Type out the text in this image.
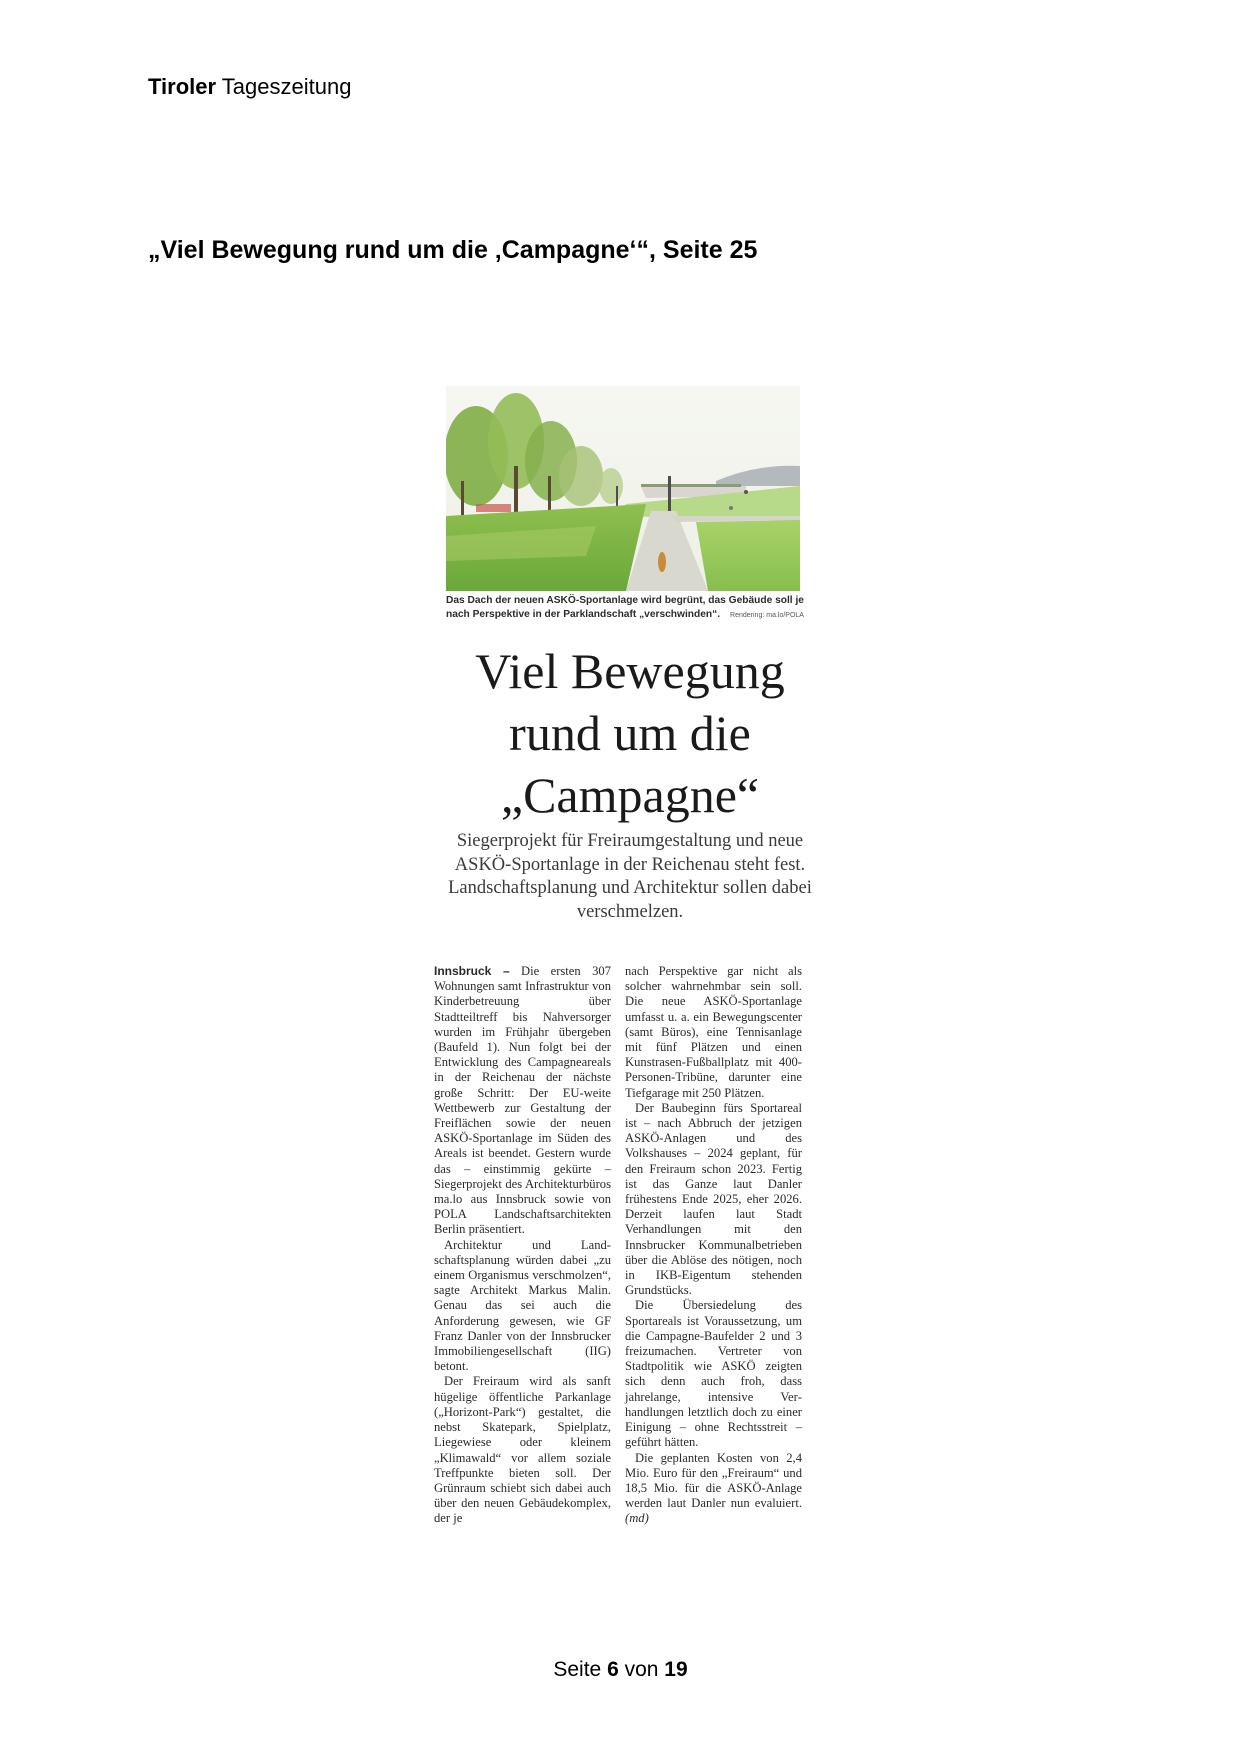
Tiroler Tageszeitung
„Viel Bewegung rund um die ‚Campagne‘“, Seite 25
Das Dach der neuen ASKÖ-Sportanlage wird begrünt, das Gebäude soll je nach Perspektive in der Parklandschaft „verschwinden“. Rendering: ma.lo/POLA
Viel Bewegung
rund um die
„Campagne“
Siegerprojekt für Freiraumgestaltung und neue ASKÖ-Sportanlage in der Reichenau steht fest. Landschaftsplanung und Architektur sollen dabei verschmelzen.

Innsbruck – Die ersten 307 Wohnungen samt Infrastruktur von Kinderbetreuung über Stadtteiltreff bis Nahversorger wurden im Frühjahr übergeben (Baufeld 1). Nun folgt bei der Entwicklung des Campagneareals in der Reichenau der nächste große Schritt: Der EU-weite Wettbewerb zur Gestaltung der Freiflächen sowie der neuen ASKÖ-Sportanlage im Süden des Areals ist beendet. Gestern wurde das – einstimmig gekürte – Siegerprojekt des Architekturbüros ma.lo aus Innsbruck sowie von POLA Landschaftsarchitekten Berlin präsentiert.

Architektur und Landschaftsplanung würden dabei „zu einem Organismus verschmolzen“, sagte Architekt Markus Malin. Genau das sei auch die Anforderung gewesen, wie GF Franz Danler von der Innsbrucker Immobiliengesellschaft (IIG) betont.

Der Freiraum wird als sanft hügelige öffentliche Parkanlage („Horizont-Park“) gestaltet, die nebst Skatepark, Spielplatz, Liegewiese oder kleinem „Klimawald“ vor allem soziale Treffpunkte bieten soll. Der Grünraum schiebt sich dabei auch über den neuen Gebäudekomplex, der je

nach Perspektive gar nicht als solcher wahrnehmbar sein soll. Die neue ASKÖ-Sportanlage umfasst u. a. ein Bewegungscenter (samt Büros), eine Tennisanlage mit fünf Plätzen und einen Kunstrasen-Fußballplatz mit 400-Personen-Tribüne, darunter eine Tiefgarage mit 250 Plätzen.

Der Baubeginn fürs Sportareal ist – nach Abbruch der jetzigen ASKÖ-Anlagen und des Volkshauses – 2024 geplant, für den Freiraum schon 2023. Fertig ist das Ganze laut Danler frühestens Ende 2025, eher 2026. Derzeit laufen laut Stadt Verhandlungen mit den Innsbrucker Kommunalbetrieben über die Ablöse des nötigen, noch in IKB-Eigentum stehenden Grundstücks.

Die Übersiedelung des Sportareals ist Voraussetzung, um die Campagne-Baufelder 2 und 3 freizumachen. Vertreter von Stadtpolitik wie ASKÖ zeigten sich denn auch froh, dass jahrelange, intensive Verhandlungen letztlich doch zu einer Einigung – ohne Rechtsstreit – geführt hätten.

Die geplanten Kosten von 2,4 Mio. Euro für den „Freiraum“ und 18,5 Mio. für die ASKÖ-Anlage werden laut Danler nun evaluiert. (md)

Seite 6 von 19
